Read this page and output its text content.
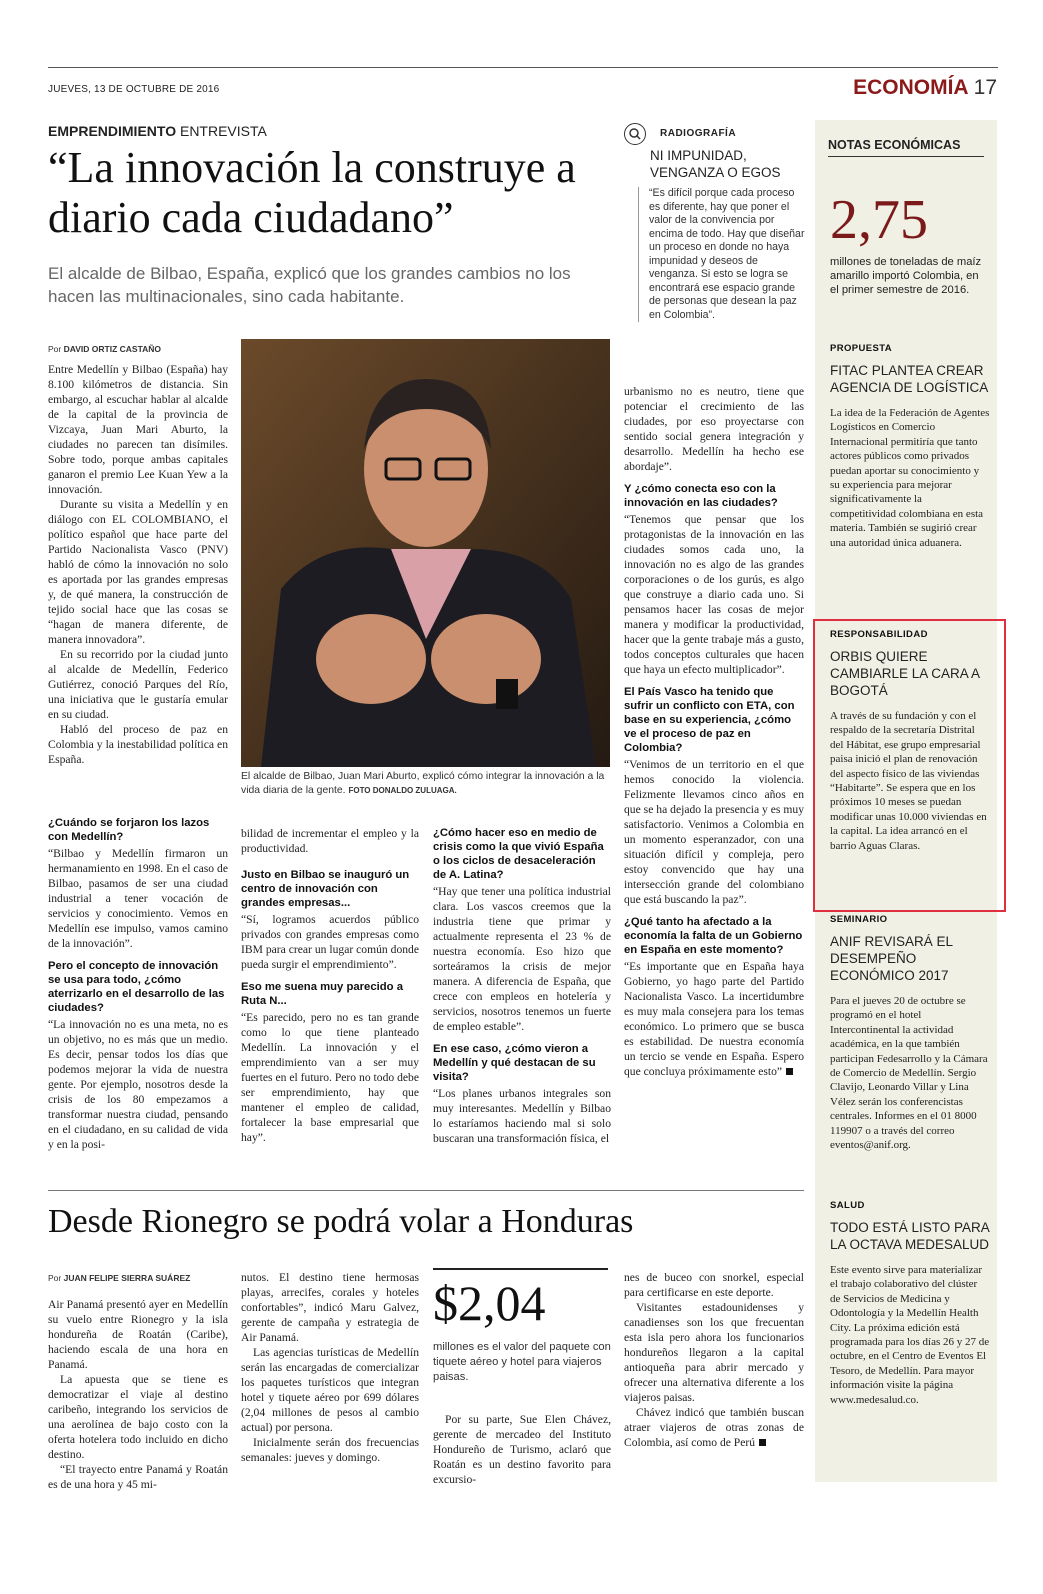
JUEVES, 13 DE OCTUBRE DE 2016	ECONOMÍA 17
EMPRENDIMIENTO ENTREVISTA
“La innovación la construye a diario cada ciudadano”
El alcalde de Bilbao, España, explicó que los grandes cambios no los hacen las multinacionales, sino cada habitante.
RADIOGRAFÍA
NI IMPUNIDAD, VENGANZA O EGOS
“Es difícil porque cada proceso es diferente, hay que poner el valor de la convivencia por encima de todo. Hay que diseñar un proceso en donde no haya impunidad y deseos de venganza. Si esto se logra se encontrará ese espacio grande de personas que desean la paz en Colombia”.
Por DAVID ORTIZ CASTAÑO

Entre Medellín y Bilbao (España) hay 8.100 kilómetros de distancia. Sin embargo, al escuchar hablar al alcalde de la capital de la provincia de Vizcaya, Juan Mari Aburto, la ciudades no parecen tan disímiles. Sobre todo, porque ambas capitales ganaron el premio Lee Kuan Yew a la innovación.

Durante su visita a Medellín y en diálogo con EL COLOMBIANO, el político español que hace parte del Partido Nacionalista Vasco (PNV) habló de cómo la innovación no solo es aportada por las grandes empresas y, de qué manera, la construcción de tejido social hace que las cosas se “hagan de manera diferente, de manera innovadora”.

En su recorrido por la ciudad junto al alcalde de Medellín, Federico Gutiérrez, conoció Parques del Río, una iniciativa que le gustaría emular en su ciudad.

Habló del proceso de paz en Colombia y la inestabilidad política en España.

El alcalde de Bilbao, Juan Mari Aburto, explicó cómo integrar la innovación a la vida diaria de la gente. FOTO DONALDO ZULUAGA.
¿Cuándo se forjaron los lazos con Medellín?

“Bilbao y Medellín firmaron un hermanamiento en 1998. En el caso de Bilbao, pasamos de ser una ciudad industrial a tener vocación de servicios y conocimiento. Vemos en Medellín ese impulso, vamos camino de la innovación”.

Pero el concepto de innovación se usa para todo, ¿cómo aterrizarlo en el desarrollo de las ciudades?

“La innovación no es una meta, no es un objetivo, no es más que un medio. Es decir, pensar todos los días que podemos mejorar la vida de nuestra gente. Por ejemplo, nosotros desde la crisis de los 80 empezamos a transformar nuestra ciudad, pensando en el ciudadano, en su calidad de vida y en la posi-

bilidad de incrementar el empleo y la productividad.

Justo en Bilbao se inauguró un centro de innovación con grandes empresas...

“Sí, logramos acuerdos público privados con grandes empresas como IBM para crear un lugar común donde pueda surgir el emprendimiento”.

Eso me suena muy parecido a Ruta N...

“Es parecido, pero no es tan grande como lo que tiene planteado Medellín. La innovación y el emprendimiento van a ser muy fuertes en el futuro. Pero no todo debe ser emprendimiento, hay que mantener el empleo de calidad, fortalecer la base empresarial que hay”.

¿Cómo hacer eso en medio de crisis como la que vivió España o los ciclos de desaceleración de A. Latina?

“Hay que tener una política industrial clara. Los vascos creemos que la industria tiene que primar y actualmente representa el 23 % de nuestra economía. Eso hizo que sorteáramos la crisis de mejor manera. A diferencia de España, que crece con empleos en hotelería y servicios, nosotros tenemos un fuerte de empleo estable”.

En ese caso, ¿cómo vieron a Medellín y qué destacan de su visita?

“Los planes urbanos integrales son muy interesantes. Medellín y Bilbao lo estaríamos haciendo mal si solo buscaran una transformación física, el

urbanismo no es neutro, tiene que potenciar el crecimiento de las ciudades, por eso proyectarse con sentido social genera integración y desarrollo. Medellín ha hecho ese abordaje”.

Y ¿cómo conecta eso con la innovación en las ciudades?

“Tenemos que pensar que los protagonistas de la innovación en las ciudades somos cada uno, la innovación no es algo de las grandes corporaciones o de los gurús, es algo que construye a diario cada uno. Si pensamos hacer las cosas de mejor manera y modificar la productividad, hacer que la gente trabaje más a gusto, todos conceptos culturales que hacen que haya un efecto multiplicador”.

El País Vasco ha tenido que sufrir un conflicto con ETA, con base en su experiencia, ¿cómo ve el proceso de paz en Colombia?

“Venimos de un territorio en el que hemos conocido la violencia. Felizmente llevamos cinco años en que se ha dejado la presencia y es muy satisfactorio. Venimos a Colombia en un momento esperanzador, con una situación difícil y compleja, pero estoy convencido que hay una intersección grande del colombiano que está buscando la paz”.

¿Qué tanto ha afectado a la economía la falta de un Gobierno en España en este momento?

“Es importante que en España haya Gobierno, yo hago parte del Partido Nacionalista Vasco. La incertidumbre es muy mala consejera para los temas económico. Lo primero que se busca es estabilidad. De nuestra economía un tercio se vende en España. Espero que concluya próximamente esto”

NOTAS ECONÓMICAS
2,75
millones de toneladas de maíz amarillo importó Colombia, en el primer semestre de 2016.
PROPUESTA
FITAC PLANTEA CREAR AGENCIA DE LOGÍSTICA
La idea de la Federación de Agentes Logísticos en Comercio Internacional permitiría que tanto actores públicos como privados puedan aportar su conocimiento y su experiencia para mejorar significativamente la competitividad colombiana en esta materia. También se sugirió crear una autoridad única aduanera.
RESPONSABILIDAD
ORBIS QUIERE CAMBIARLE LA CARA A BOGOTÁ
A través de su fundación y con el respaldo de la secretaría Distrital del Hábitat, ese grupo empresarial paisa inició el plan de renovación del aspecto físico de las viviendas “Habitarte”. Se espera que en los próximos 10 meses se puedan modificar unas 10.000 viviendas en la capital. La idea arrancó en el barrio Aguas Claras.
SEMINARIO
ANIF REVISARÁ EL DESEMPEÑO ECONÓMICO 2017
Para el jueves 20 de octubre se programó en el hotel Intercontinental la actividad académica, en la que también participan Fedesarrollo y la Cámara de Comercio de Medellín. Sergio Clavijo, Leonardo Villar y Lina Vélez serán los conferencistas centrales. Informes en el 01 8000 119907 o a través del correo eventos@anif.org.
SALUD
TODO ESTÁ LISTO PARA LA OCTAVA MEDESALUD
Este evento sirve para materializar el trabajo colaborativo del clúster de Servicios de Medicina y Odontología y la Medellín Health City. La próxima edición está programada para los días 26 y 27 de octubre, en el Centro de Eventos El Tesoro, de Medellín. Para mayor información visite la página www.medesalud.co.
Desde Rionegro se podrá volar a Honduras
Por JUAN FELIPE SIERRA SUÁREZ

Air Panamá presentó ayer en Medellín su vuelo entre Rionegro y la isla hondureña de Roatán (Caribe), haciendo escala de una hora en Panamá.

La apuesta que se tiene es democratizar el viaje al destino caribeño, integrando los servicios de una aerolínea de bajo costo con la oferta hotelera todo incluido en dicho destino.

“El trayecto entre Panamá y Roatán es de una hora y 45 mi-

nutos. El destino tiene hermosas playas, arrecifes, corales y hoteles confortables”, indicó Maru Galvez, gerente de campaña y estrategia de Air Panamá.

Las agencias turísticas de Medellín serán las encargadas de comercializar los paquetes turísticos que integran hotel y tiquete aéreo por 699 dólares (2,04 millones de pesos al cambio actual) por persona.

Inicialmente serán dos frecuencias semanales: jueves y domingo.

$2,04
millones es el valor del paquete con tiquete aéreo y hotel para viajeros paisas.

Por su parte, Sue Elen Chávez, gerente de mercadeo del Instituto Hondureño de Turismo, aclaró que Roatán es un destino favorito para excursio-

nes de buceo con snorkel, especial para certificarse en este deporte.

Visitantes estadounidenses y canadienses son los que frecuentan esta isla pero ahora los funcionarios hondureños llegaron a la capital antioqueña para abrir mercado y ofrecer una alternativa diferente a los viajeros paisas.

Chávez indicó que también buscan atraer viajeros de otras zonas de Colombia, así como de Perú
